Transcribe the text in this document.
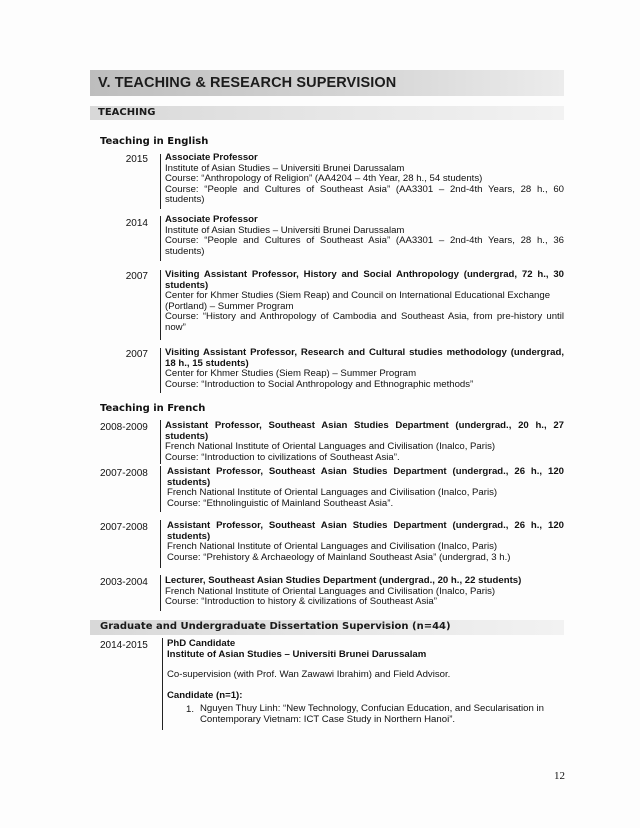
V. TEACHING & RESEARCH SUPERVISION
TEACHING
Teaching in English
2015 Associate Professor
Institute of Asian Studies – Universiti Brunei Darussalam
Course: “Anthropology of Religion” (AA4204 – 4th Year, 28 h., 54 students)
Course: “People and Cultures of Southeast Asia” (AA3301 – 2nd-4th Years, 28 h., 60 students)
2014 Associate Professor
Institute of Asian Studies – Universiti Brunei Darussalam
Course: “People and Cultures of Southeast Asia” (AA3301 – 2nd-4th Years, 28 h., 36 students)
2007 Visiting Assistant Professor, History and Social Anthropology (undergrad, 72 h., 30 students)
Center for Khmer Studies (Siem Reap) and Council on International Educational Exchange (Portland) – Summer Program
Course: “History and Anthropology of Cambodia and Southeast Asia, from pre-history until now”
2007 Visiting Assistant Professor, Research and Cultural studies methodology (undergrad, 18 h., 15 students)
Center for Khmer Studies (Siem Reap) – Summer Program
Course: “Introduction to Social Anthropology and Ethnographic methods”
Teaching in French
2008-2009	Assistant Professor, Southeast Asian Studies Department (undergrad., 20 h., 27 students)
French National Institute of Oriental Languages and Civilisation (Inalco, Paris)
Course: “Introduction to civilizations of Southeast Asia”.
2007-2008	Assistant Professor, Southeast Asian Studies Department (undergrad., 26 h., 120 students)
French National Institute of Oriental Languages and Civilisation (Inalco, Paris)
Course: “Ethnolinguistic of Mainland Southeast Asia”.
2007-2008	Assistant Professor, Southeast Asian Studies Department (undergrad., 26 h., 120 students)
French National Institute of Oriental Languages and Civilisation (Inalco, Paris)
Course: “Prehistory & Archaeology of Mainland Southeast Asia” (undergrad, 3 h.)
2003-2004	Lecturer, Southeast Asian Studies Department (undergrad., 20 h., 22 students)
French National Institute of Oriental Languages and Civilisation (Inalco, Paris)
Course: “Introduction to history & civilizations of Southeast Asia”
Graduate and Undergraduate Dissertation Supervision (n=44)
2014-2015	PhD Candidate
Institute of Asian Studies – Universiti Brunei Darussalam
Co-supervision (with Prof. Wan Zawawi Ibrahim) and Field Advisor.
Candidate (n=1):
1. Nguyen Thuy Linh: “New Technology, Confucian Education, and Secularisation in Contemporary Vietnam: ICT Case Study in Northern Hanoi”.
12
